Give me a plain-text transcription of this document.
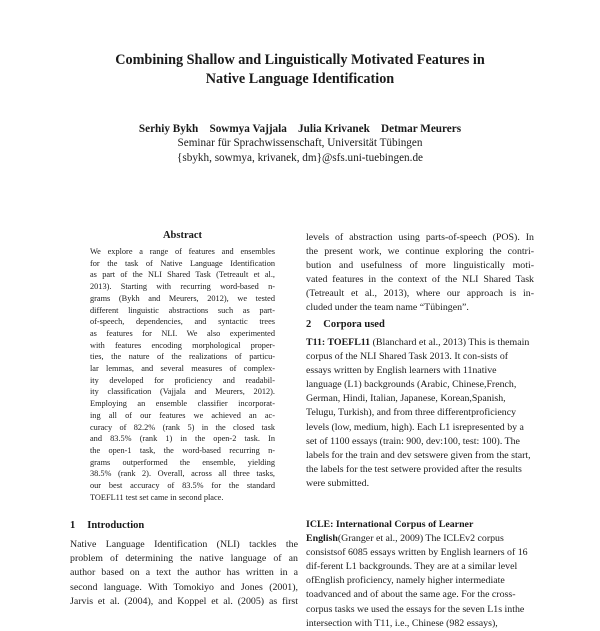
Combining Shallow and Linguistically Motivated Features in
Native Language Identification
Serhiy Bykh    Sowmya Vajjala    Julia Krivanek    Detmar Meurers
Seminar für Sprachwissenschaft, Universität Tübingen
{sbykh, sowmya, krivanek, dm}@sfs.uni-tuebingen.de
Abstract
We explore a range of features and ensembles
for the task of Native Language Identification
as part of the NLI Shared Task (Tetreault et al.,
2013). Starting with recurring word-based n-
grams (Bykh and Meurers, 2012), we tested
different linguistic abstractions such as part-
of-speech, dependencies, and syntactic trees
as features for NLI. We also experimented
with features encoding morphological proper-
ties, the nature of the realizations of particu-
lar lemmas, and several measures of complex-
ity developed for proficiency and readabil-
ity classification (Vajjala and Meurers, 2012).
Employing an ensemble classifier incorporat-
ing all of our features we achieved an ac-
curacy of 82.2% (rank 5) in the closed task
and 83.5% (rank 1) in the open-2 task. In
the open-1 task, the word-based recurring n-
grams outperformed the ensemble, yielding
38.5% (rank 2). Overall, across all three tasks,
our best accuracy of 83.5% for the standard
TOEFL11 test set came in second place.
1 Introduction
Native Language Identification (NLI) tackles the
problem of determining the native language of an
author based on a text the author has written in a
second language. With Tomokiyo and Jones (2001),
Jarvis et al. (2004), and Koppel et al. (2005) as first
levels of abstraction using parts-of-speech (POS). In
the present work, we continue exploring the contri-
bution and usefulness of more linguistically moti-
vated features in the context of the NLI Shared Task
(Tetreault et al., 2013), where our approach is in-
cluded under the team name “Tübingen”.
2 Corpora used
T11: TOEFL11 (Blanchard et al., 2013) This is themain corpus of the NLI Shared Task 2013. It con-sists of essays written by English learners with 11native language (L1) backgrounds (Arabic, Chinese,French, German, Hindi, Italian, Japanese, Korean,Spanish, Telugu, Turkish), and from three differentproficiency levels (low, medium, high). Each L1 isrepresented by a set of 1100 essays (train: 900, dev:100, test: 100). The labels for the train and dev setswere given from the start, the labels for the test setwere provided after the results were submitted.
ICLE: International Corpus of Learner English(Granger et al., 2009) The ICLEv2 corpus consistsof 6085 essays written by English learners of 16 dif-ferent L1 backgrounds. They are at a similar level ofEnglish proficiency, namely higher intermediate toadvanced and of about the same age. For the cross-corpus tasks we used the essays for the seven L1s inthe intersection with T11, i.e., Chinese (982 essays),
